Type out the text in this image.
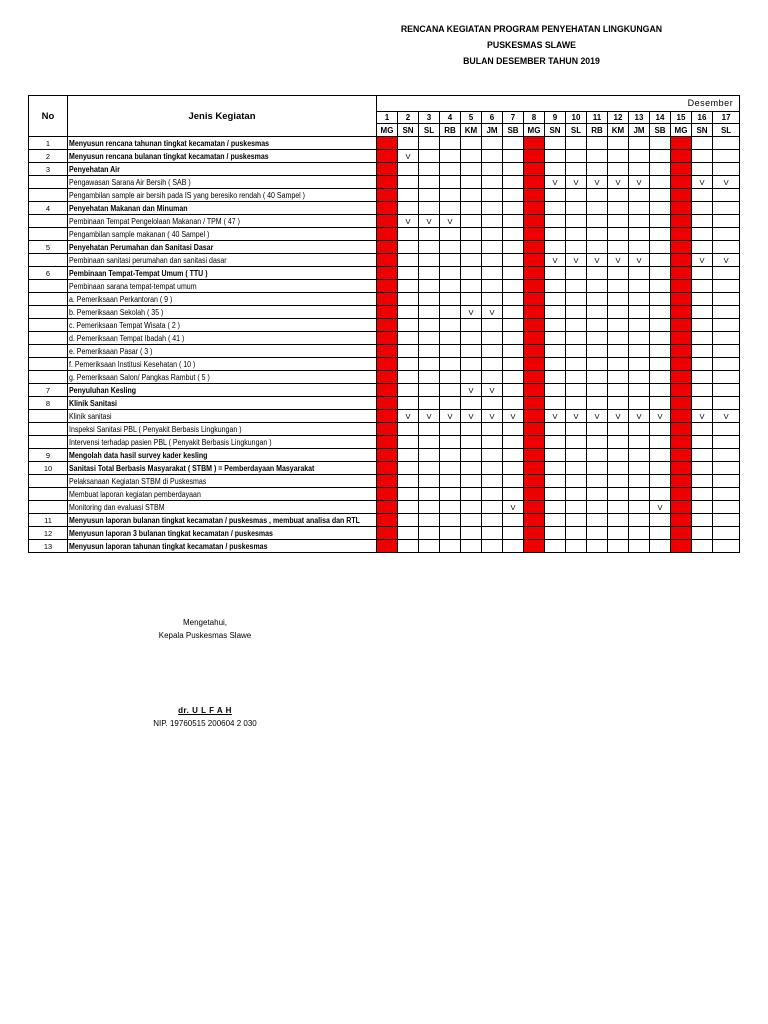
RENCANA KEGIATAN PROGRAM PENYEHATAN LINGKUNGAN
PUSKESMAS SLAWE
BULAN DESEMBER TAHUN 2019
No	Jenis Kegiatan	Desember																
		1	2	3	4	5	6	7	8	9	10	11	12	13	14	15	16	17
		MG	SN	SL	RB	KM	JM	SB	MG	SN	SL	RB	KM	JM	SB	MG	SN	SL
1	Menyusun rencana tahunan tingkat kecamatan / puskesmas																	
2	Menyusun rencana bulanan tingkat kecamatan / puskesmas		V															
3	Penyehatan Air																	
	Pengawasan Sarana Air Bersih ( SAB )									V	V	V	V	V			V	V
	Pengambilan sample air bersih pada IS yang beresiko rendah ( 40 Sampel )																	
4	Penyehatan Makanan dan Minuman																	
	Pembinaan Tempat Pengelolaan Makanan / TPM ( 47 )		V	V	V													
	Pengambilan sample makanan ( 40 Sampel )																	
5	Penyehatan Perumahan dan Sanitasi Dasar																	
	Pembinaan sanitasi perumahan dan sanitasi dasar									V	V	V	V	V			V	V
6	Pembinaan Tempat-Tempat Umum ( TTU )																	
	Pembinaan sarana tempat-tempat umum																	
	a. Pemeriksaan Perkantoran ( 9 )																	
	b. Pemeriksaan Sekolah ( 35 )					V	V											
	c. Pemeriksaan Tempat Wisata ( 2 )																	
	d. Pemeriksaan Tempat Ibadah ( 41 )																	
	e. Pemeriksaan Pasar ( 3 )																	
	f. Pemeriksaan Institusi Kesehatan ( 10 )																	
	g. Pemeriksaan Salon/ Pangkas Rambut ( 5 )																	
7	Penyuluhan Kesling					V	V											
8	Klinik Sanitasi																	
	Klinik sanitasi		V	V	V	V	V	V		V	V	V	V	V	V		V	V
	Inspeksi Sanitasi PBL ( Penyakit Berbasis Lingkungan )																	
	Intervensi terhadap pasien PBL ( Penyakit Berbasis Lingkungan )																	
9	Mengolah data hasil survey kader kesling																	
10	Sanitasi Total Berbasis Masyarakat ( STBM ) = Pemberdayaan Masyarakat																	
	Pelaksanaan Kegiatan STBM di Puskesmas																	
	Membuat laporan kegiatan pemberdayaan																	
	Monitoring dan evaluasi STBM							V							V			
11	Menyusun laporan bulanan tingkat kecamatan / puskesmas , membuat analisa dan RTL																	
12	Menyusun laporan 3 bulanan tingkat kecamatan / puskesmas																	
13	Menyusun laporan tahunan tingkat kecamatan / puskesmas																	
Mengetahui,
Kepala Puskesmas Slawe
dr. U L F A H
NIP. 19760515 200604 2 030
